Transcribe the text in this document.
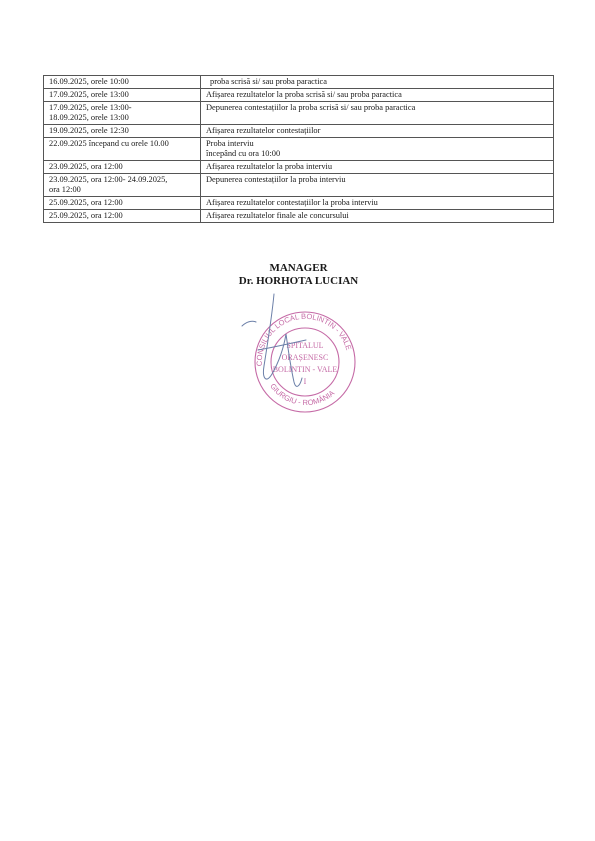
16.09.2025, orele 10:00	proba scrisă si/ sau proba paractica

17.09.2025, orele 13:00	Afișarea rezultatelor la proba scrisă si/ sau proba paractica

17.09.2025, orele 13:00-
18.09.2025, orele 13:00	Depunerea contestațiilor la proba scrisă si/ sau proba paractica

19.09.2025, orele 12:30	Afișarea rezultatelor contestațiilor

22.09.2025 începand cu orele 10.00	Proba interviu
începând cu ora 10:00

23.09.2025, ora 12:00	Afișarea rezultatelor la proba interviu

23.09.2025, ora 12:00- 24.09.2025,
ora 12:00	Depunerea contestațiilor la proba interviu

25.09.2025, ora 12:00	Afișarea rezultatelor contestațiilor la proba interviu

25.09.2025, ora 12:00	Afișarea rezultatelor finale ale concursului
MANAGER
Dr. HORHOTA LUCIAN
CONSILIUL LOCAL BOLINTIN - VALE
GIURGIU - ROMÂNIA
SPITALUL
ORAȘENESC
BOLINTIN - VALE
I
